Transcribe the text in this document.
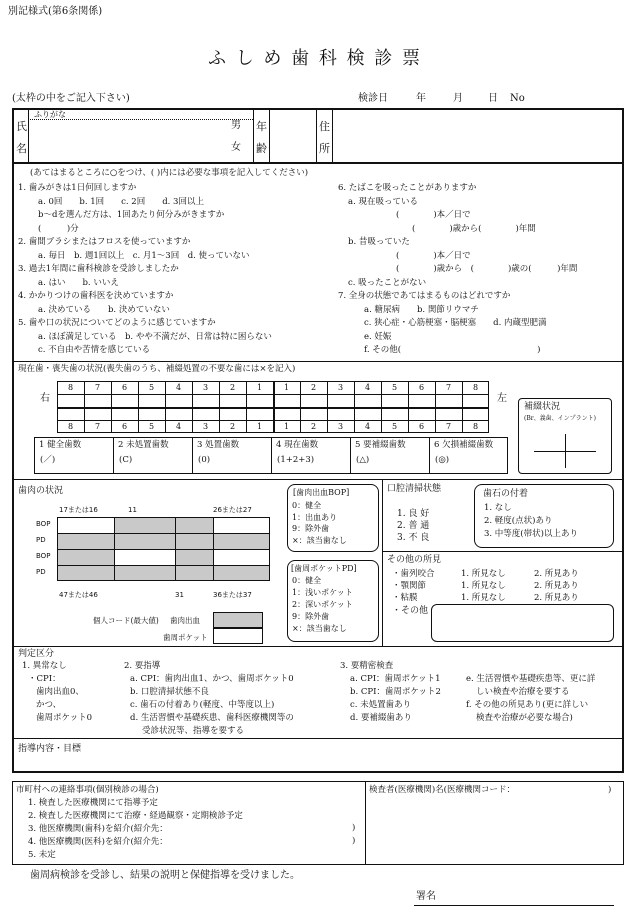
別記様式(第6条関係)
ふ し め 歯 科 検 診 票
(太枠の中をご記入下さい)	検診日	年	月	日 No
氏
名
ふりがな
男
女
年
齢
住
所
(あてはまるところに○をつけ、( )内には必要な事項を記入してください)
1. 歯みがきは1日何回しますか
a. 0回　　b. 1回　　c. 2回　　d. 3回以上
b～dを選んだ方は、1回あたり何分みがきますか
(　　　)分
2. 歯間ブラシまたはフロスを使っていますか
a. 毎日　b. 週1回以上　c. 月1～3回　d. 使っていない
3. 過去1年間に歯科検診を受診しましたか
a. はい　　b. いいえ
4. かかりつけの歯科医を決めていますか
a. 決めている　　b. 決めていない
5. 歯や口の状況についてどのように感じていますか
a. ほぼ満足している　b. やや不満だが、日常は特に困らない
c. 不自由や苦情を感じている
6. たばこを吸ったことがありますか
a. 現在吸っている
(　　　　)本／日で
(　　　　)歳から(　　　　)年間
b. 昔吸っていた
(　　　　)本／日で
(　　　　)歳から　(　　　　)歳の(　　　)年間
c. 吸ったことがない
7. 全身の状態であてはまるものはどれですか
a. 糖尿病　　b. 関節リウマチ
c. 狭心症・心筋梗塞・脳梗塞　　d. 内蔵型肥満
e. 妊娠
f. その他(　　　　　　　　　　　　　　　　)
現在歯・喪失歯の状況(喪失歯のうち、補綴処置の不要な歯には×を記入)
右	左
8	7	6	5	4	3	2	1	1	2	3	4	5	6	7	8
8	7	6	5	4	3	2	1	1	2	3	4	5	6	7	8
補綴状況
(Br、義歯、インプラント)
1 健全歯数
(／)
2 未処置歯数
(C)
3 処置歯数
(0)
4 現在歯数
(1+2+3)
5 要補綴歯数
(△)
6 欠損補綴歯数
(◎)
歯肉の状況
17または16	11	26または27
47または46	31	36または37
BOP
PD
BOP
PD
個人コード(最大値) 歯肉出血
歯周ポケット
[歯肉出血BOP]
0：健全
1：出血あり
9：除外歯
×：該当歯なし
[歯周ポケットPD]
0：健全
1：浅いポケット
2：深いポケット
9：除外歯
×：該当歯なし
口腔清掃状態
1. 良 好
2. 普 通
3. 不 良
歯石の付着
1. なし
2. 軽度(点状)あり
3. 中等度(帯状)以上あり
その他の所見
・歯列咬合	1. 所見なし	2. 所見あり
・顎関節	1. 所見なし	2. 所見あり
・粘膜	1. 所見なし	2. 所見あり
・その他
判定区分
1. 異常なし
・CPI：
歯肉出血0、
かつ、
歯周ポケット0
2. 要指導
a. CPI：歯肉出血1、かつ、歯周ポケット0
b. 口腔清掃状態不良
c. 歯石の付着あり(軽度、中等度以上)
d. 生活習慣や基礎疾患、歯科医療機関等の
受診状況等、指導を要する
3. 要精密検査
a. CPI：歯周ポケット1
b. CPI：歯周ポケット2
c. 未処置歯あり
d. 要補綴歯あり
e. 生活習慣や基礎疾患等、更に詳
しい検査や治療を要する
f. その他の所見あり(更に詳しい
検査や治療が必要な場合)
指導内容・目標
市町村への連絡事項(個別検診の場合)
1. 検査した医療機関にて指導予定
2. 検査した医療機関にて治療・経過観察・定期検診予定
3. 他医療機関(歯科)を紹介(紹介先：
4. 他医療機関(医科)を紹介(紹介先：
5. 未定
)
)
検査者(医療機関)名(医療機関コード：	)
歯周病検診を受診し、結果の説明と保健指導を受けました。
署名
